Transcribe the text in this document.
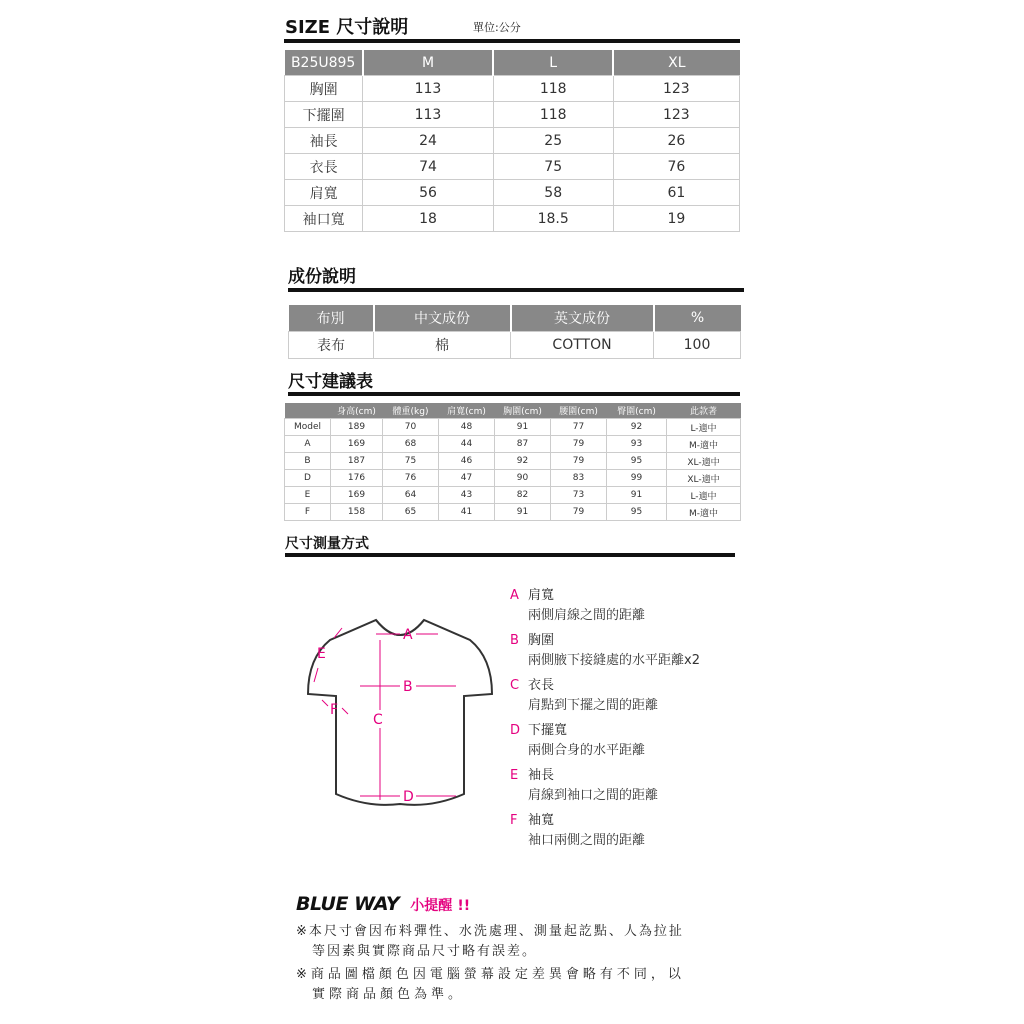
SIZE 尺寸說明	單位:公分
B25U895	M	L	XL
胸圍	113	118	123
下擺圍	113	118	123
袖長	24	25	26
衣長	74	75	76
肩寬	56	58	61
袖口寬	18	18.5	19
成份說明
布別	中文成份	英文成份	%
表布	棉	COTTON	100
尺寸建議表
	身高(cm)	體重(kg)	肩寬(cm)	胸圍(cm)	腰圍(cm)	臀圍(cm)	此款著
Model	189	70	48	91	77	92	L-適中
A	169	68	44	87	79	93	M-適中
B	187	75	46	92	79	95	XL-適中
D	176	76	47	90	83	99	XL-適中
E	169	64	43	82	73	91	L-適中
F	158	65	41	91	79	95	M-適中
尺寸測量方式
A
B
C
D
E
F
A 肩寬
兩側肩線之間的距離
B 胸圍
兩側腋下接縫處的水平距離x2
C 衣長
肩點到下擺之間的距離
D 下擺寬
兩側合身的水平距離
E 袖長
肩線到袖口之間的距離
F 袖寬
袖口兩側之間的距離
BLUE WAY 小提醒 !!
※本尺寸會因布料彈性、水洗處理、測量起訖點、人為拉扯
等因素與實際商品尺寸略有誤差。
※商品圖檔顏色因電腦螢幕設定差異會略有不同，以
實際商品顏色為準。
